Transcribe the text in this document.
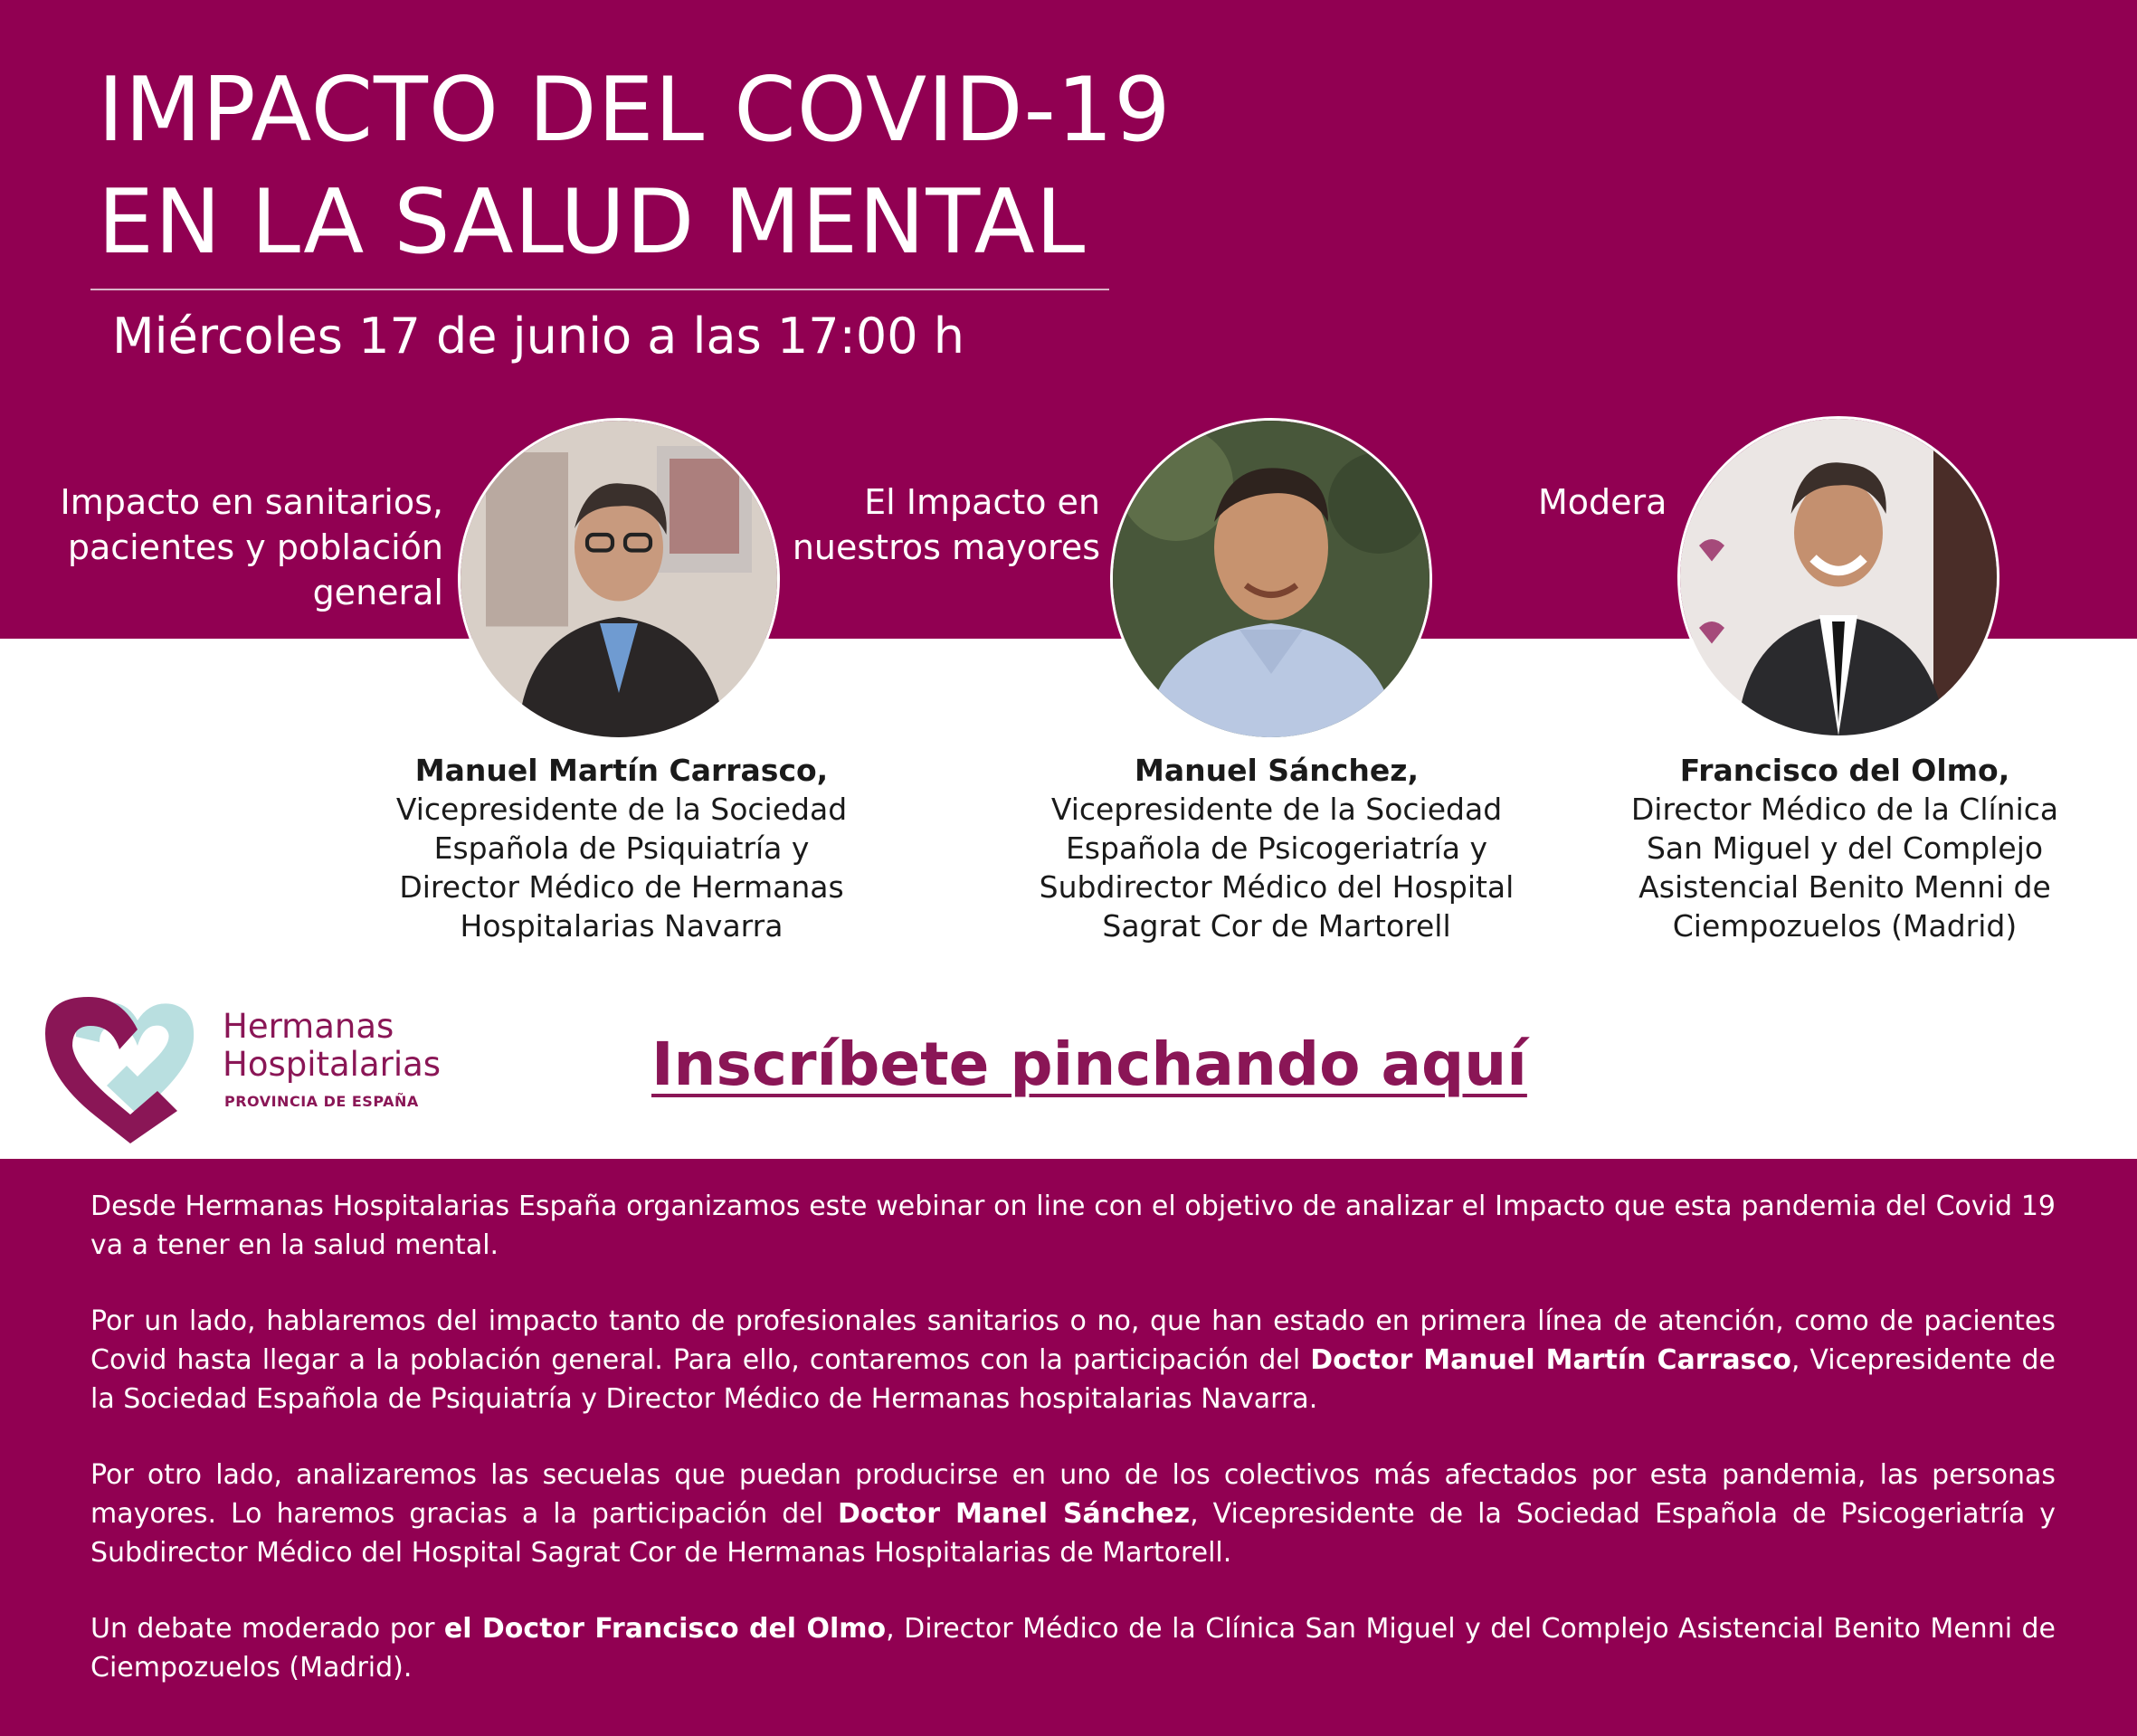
IMPACTO DEL COVID-19
EN LA SALUD MENTAL
Miércoles 17 de junio a las 17:00 h
Impacto en sanitarios,
pacientes y población
general
El Impacto en
nuestros mayores
Modera
Manuel Martín Carrasco,
Vicepresidente de la Sociedad
Española de Psiquiatría y
Director Médico de Hermanas
Hospitalarias Navarra
Manuel Sánchez,
Vicepresidente de la Sociedad
Española de Psicogeriatría y
Subdirector Médico del Hospital
Sagrat Cor de Martorell
Francisco del Olmo,
Director Médico de la Clínica
San Miguel y del Complejo
Asistencial Benito Menni de
Ciempozuelos (Madrid)
Hermanas
Hospitalarias
PROVINCIA DE ESPAÑA
Inscríbete pinchando aquí

Desde Hermanas Hospitalarias España organizamos este webinar on line con el objetivo de analizar el Impacto que esta pandemia del Covid 19 va a tener en la salud mental.

Por un lado, hablaremos del impacto tanto de profesionales sanitarios o no, que han estado en primera línea de atención, como de pacientes Covid hasta llegar a la población general. Para ello, contaremos con la participación del Doctor Manuel Martín Carrasco, Vicepresidente de la Sociedad Española de Psiquiatría y Director Médico de Hermanas hospitalarias Navarra.

Por otro lado, analizaremos las secuelas que puedan producirse en uno de los colectivos más afectados por esta pandemia, las personas mayores. Lo haremos gracias a la participación del Doctor Manel Sánchez, Vicepresidente de la Sociedad Española de Psicogeriatría y Subdirector Médico del Hospital Sagrat Cor de Hermanas Hospitalarias de Martorell.

Un debate moderado por el Doctor Francisco del Olmo, Director Médico de la Clínica San Miguel y del Complejo Asistencial Benito Menni de Ciempozuelos (Madrid).
